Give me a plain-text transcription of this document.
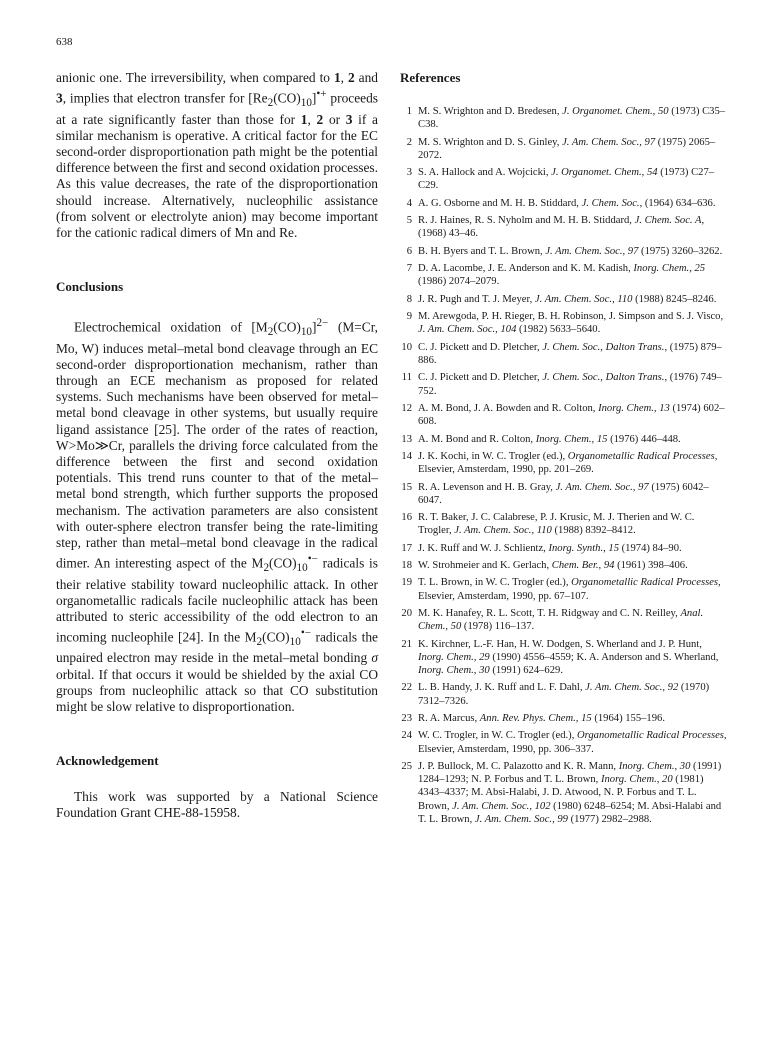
638

anionic one. The irreversibility, when compared to 1, 2 and 3, implies that electron transfer for $[Re_2(CO)_{10}]^{•+}$ proceeds at a rate significantly faster than those for 1, 2 or 3 if a similar mechanism is operative. A critical factor for the EC second-order disproportionation path might be the potential difference between the first and second oxidation processes. As this value decreases, the rate of the disproportionation should increase. Alternatively, nucleophilic assistance (from solvent or electrolyte anion) may become important for the cationic radical dimers of Mn and Re.

Conclusions

Electrochemical oxidation of $[M_2(CO)_{10}]^{2-}$ (M=Cr, Mo, W) induces metal–metal bond cleavage through an EC second-order disproportionation mechanism, rather than through an ECE mechanism as proposed for related systems. Such mechanisms have been observed for metal–metal bond cleavage in other systems, but usually require ligand assistance [25]. The order of the rates of reaction, W>Mo≫Cr, parallels the driving force calculated from the difference between the first and second oxidation potentials. This trend runs counter to that of the metal–metal bond strength, which further supports the proposed mechanism. The activation parameters are also consistent with outer-sphere electron transfer being the rate-limiting step, rather than metal–metal bond cleavage in the radical dimer. An interesting aspect of the $M_2(CO)_{10}^{•-}$ radicals is their relative stability toward nucleophilic attack. In other organometallic radicals facile nucleophilic attack has been attributed to steric accessibility of the odd electron to an incoming nucleophile [24]. In the $M_2(CO)_{10}^{•-}$ radicals the unpaired electron may reside in the metal–metal bonding σ orbital. If that occurs it would be shielded by the axial CO groups from nucleophilic attack so that CO substitution might be slow relative to disproportionation.

Acknowledgement

This work was supported by a National Science Foundation Grant CHE-88-15958.

References
1 M. S. Wrighton and D. Bredesen, J. Organomet. Chem., 50 (1973) C35–C38.
2 M. S. Wrighton and D. S. Ginley, J. Am. Chem. Soc., 97 (1975) 2065–2072.
3 S. A. Hallock and A. Wojcicki, J. Organomet. Chem., 54 (1973) C27–C29.
4 A. G. Osborne and M. H. B. Stiddard, J. Chem. Soc., (1964) 634–636.
5 R. J. Haines, R. S. Nyholm and M. H. B. Stiddard, J. Chem. Soc. A, (1968) 43–46.
6 B. H. Byers and T. L. Brown, J. Am. Chem. Soc., 97 (1975) 3260–3262.
7 D. A. Lacombe, J. E. Anderson and K. M. Kadish, Inorg. Chem., 25 (1986) 2074–2079.
8 J. R. Pugh and T. J. Meyer, J. Am. Chem. Soc., 110 (1988) 8245–8246.
9 M. Arewgoda, P. H. Rieger, B. H. Robinson, J. Simpson and S. J. Visco, J. Am. Chem. Soc., 104 (1982) 5633–5640.
10 C. J. Pickett and D. Pletcher, J. Chem. Soc., Dalton Trans., (1975) 879–886.
11 C. J. Pickett and D. Pletcher, J. Chem. Soc., Dalton Trans., (1976) 749–752.
12 A. M. Bond, J. A. Bowden and R. Colton, Inorg. Chem., 13 (1974) 602–608.
13 A. M. Bond and R. Colton, Inorg. Chem., 15 (1976) 446–448.
14 J. K. Kochi, in W. C. Trogler (ed.), Organometallic Radical Processes, Elsevier, Amsterdam, 1990, pp. 201–269.
15 R. A. Levenson and H. B. Gray, J. Am. Chem. Soc., 97 (1975) 6042–6047.
16 R. T. Baker, J. C. Calabrese, P. J. Krusic, M. J. Therien and W. C. Trogler, J. Am. Chem. Soc., 110 (1988) 8392–8412.
17 J. K. Ruff and W. J. Schlientz, Inorg. Synth., 15 (1974) 84–90.
18 W. Strohmeier and K. Gerlach, Chem. Ber., 94 (1961) 398–406.
19 T. L. Brown, in W. C. Trogler (ed.), Organometallic Radical Processes, Elsevier, Amsterdam, 1990, pp. 67–107.
20 M. K. Hanafey, R. L. Scott, T. H. Ridgway and C. N. Reilley, Anal. Chem., 50 (1978) 116–137.
21 K. Kirchner, L.-F. Han, H. W. Dodgen, S. Wherland and J. P. Hunt, Inorg. Chem., 29 (1990) 4556–4559; K. A. Anderson and S. Wherland, Inorg. Chem., 30 (1991) 624–629.
22 L. B. Handy, J. K. Ruff and L. F. Dahl, J. Am. Chem. Soc., 92 (1970) 7312–7326.
23 R. A. Marcus, Ann. Rev. Phys. Chem., 15 (1964) 155–196.
24 W. C. Trogler, in W. C. Trogler (ed.), Organometallic Radical Processes, Elsevier, Amsterdam, 1990, pp. 306–337.
25 J. P. Bullock, M. C. Palazotto and K. R. Mann, Inorg. Chem., 30 (1991) 1284–1293; N. P. Forbus and T. L. Brown, Inorg. Chem., 20 (1981) 4343–4337; M. Absi-Halabi, J. D. Atwood, N. P. Forbus and T. L. Brown, J. Am. Chem. Soc., 102 (1980) 6248–6254; M. Absi-Halabi and T. L. Brown, J. Am. Chem. Soc., 99 (1977) 2982–2988.
